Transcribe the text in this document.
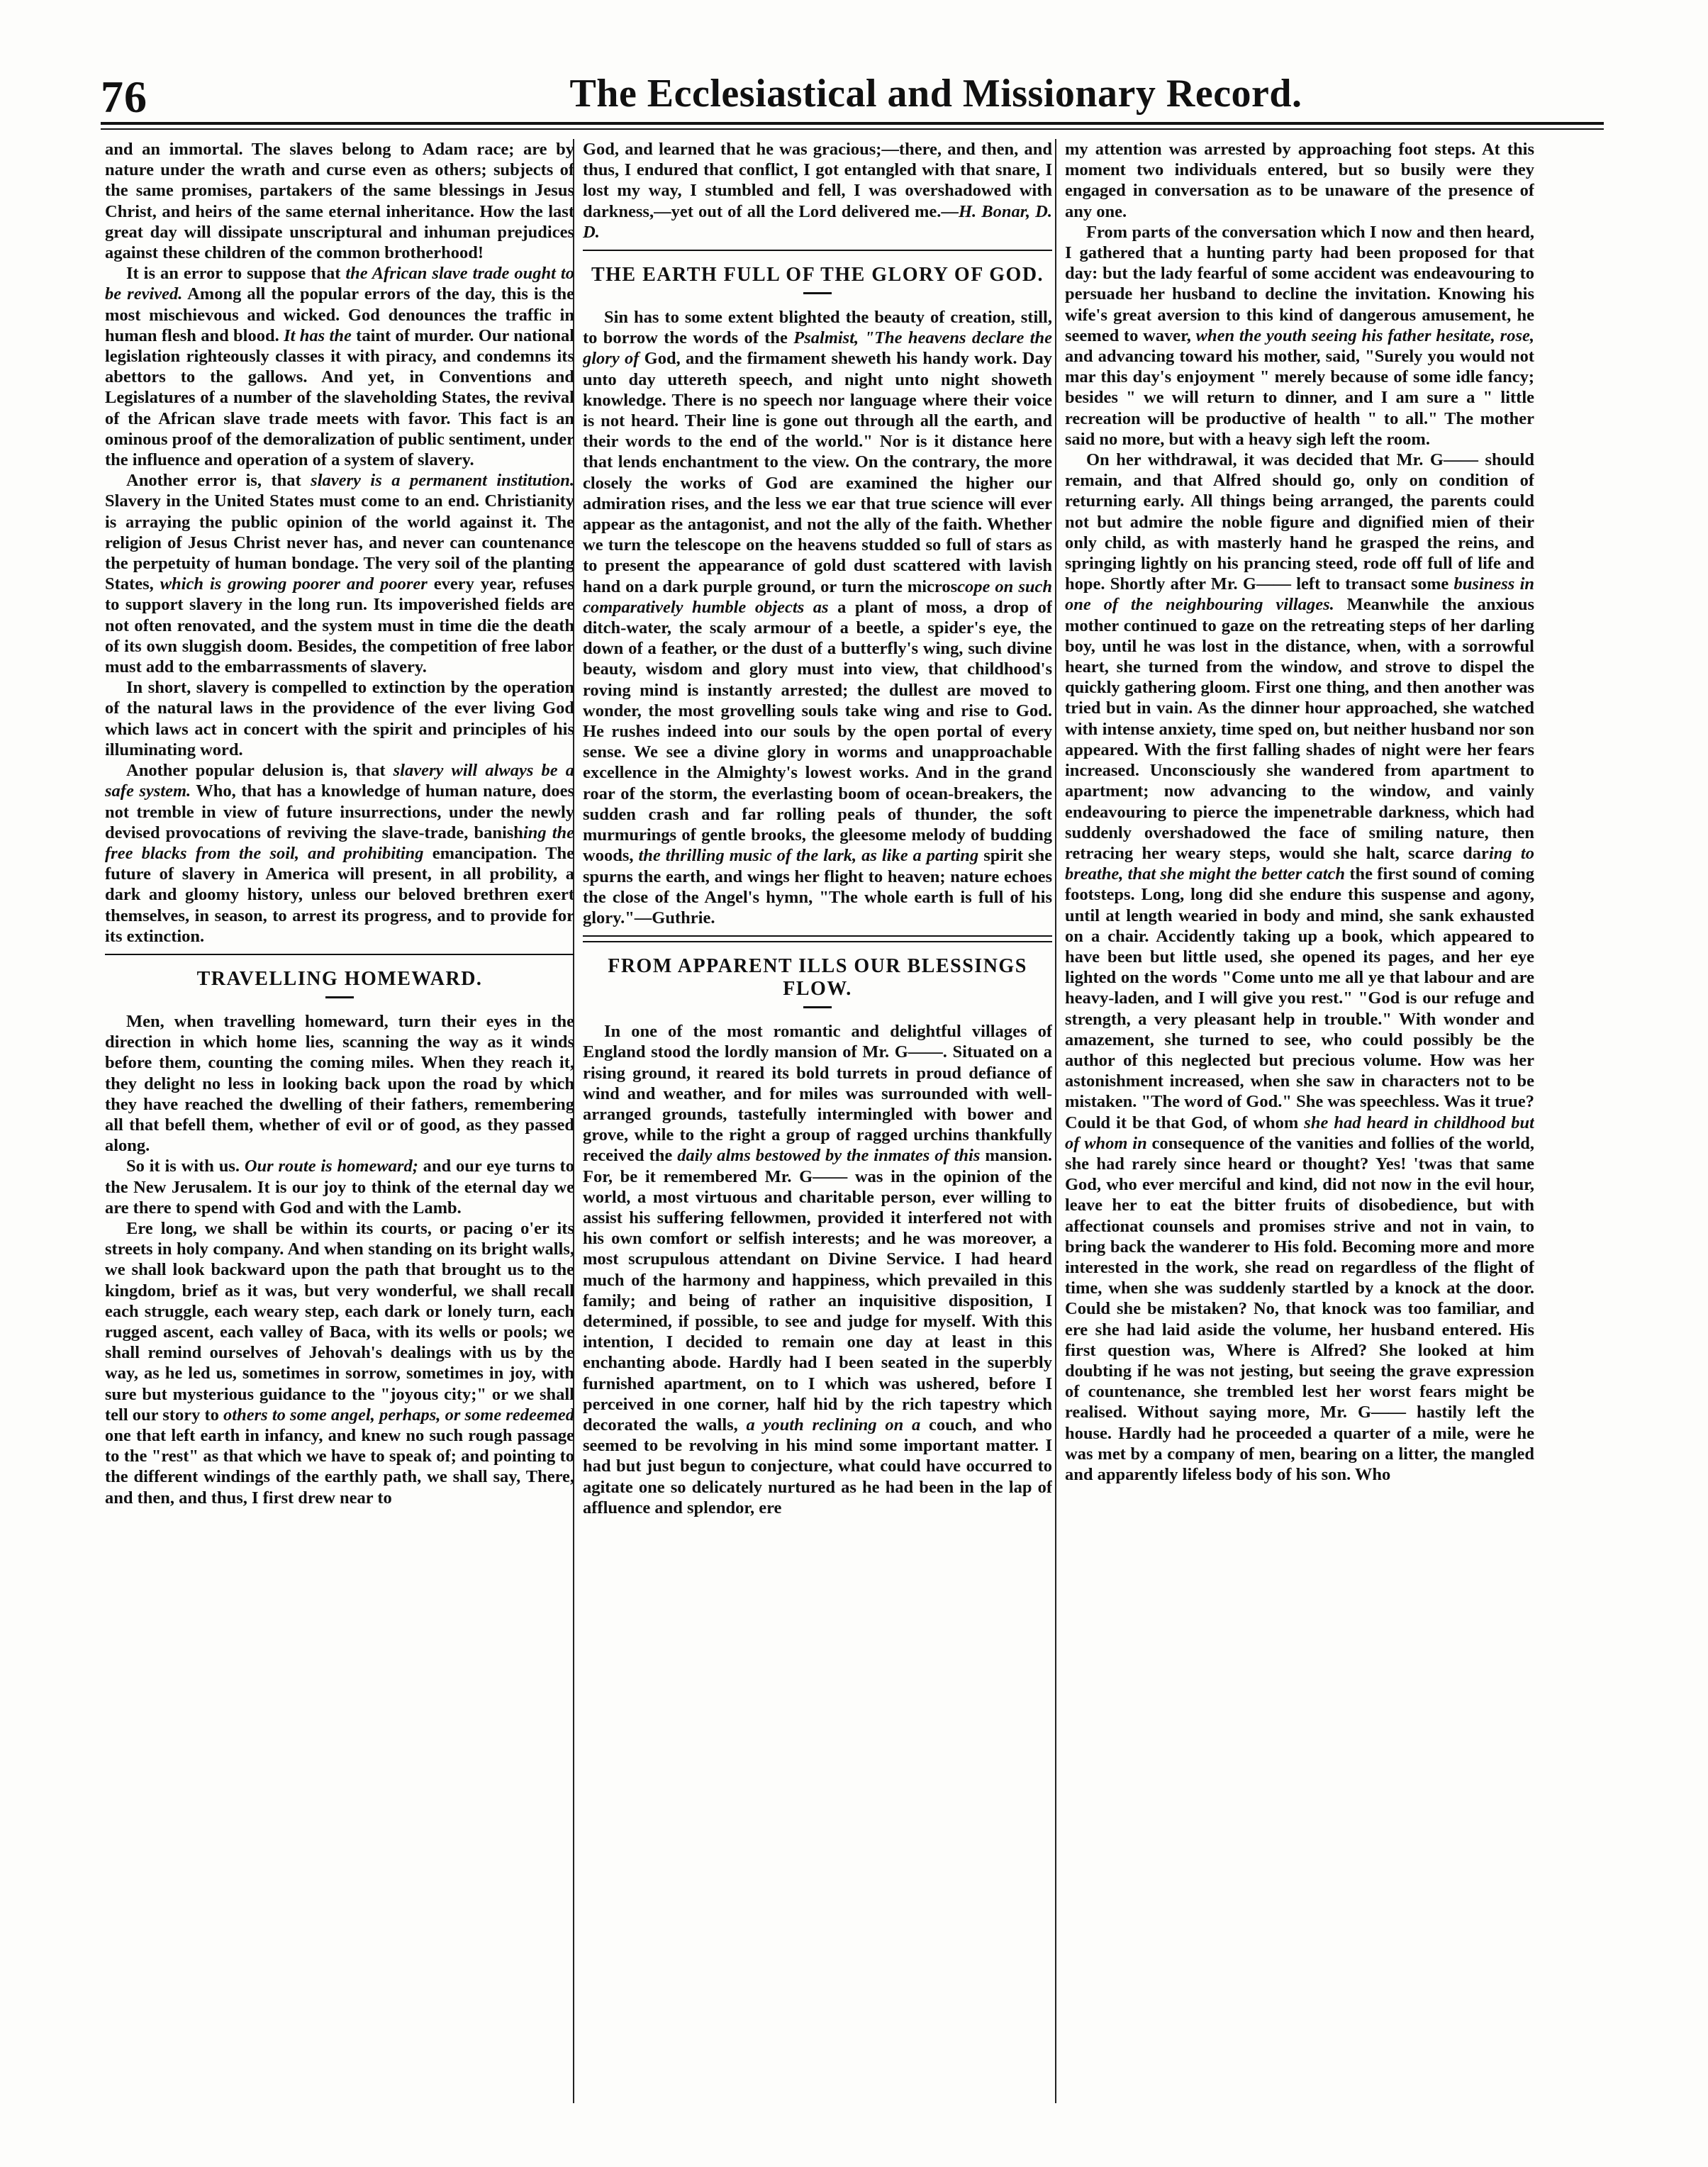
76	The Ecclesiastical and Missionary Record.

and an immortal. The slaves belong to Adam race; are by nature under the wrath and curse even as others; subjects of the same promises, partakers of the same blessings in Jesus Christ, and heirs of the same eternal inheritance. How the last great day will dissipate unscriptural and inhuman prejudices against these children of the common brotherhood!

It is an error to suppose that the African slave trade ought to be revived. Among all the popular errors of the day, this is the most mischievous and wicked. God denounces the traffic in human flesh and blood. It has the taint of murder. Our national legislation righteously classes it with piracy, and condemns its abettors to the gallows. And yet, in Conventions and Legislatures of a number of the slaveholding States, the revival of the African slave trade meets with favor. This fact is an ominous proof of the demoralization of public sentiment, under the influence and operation of a system of slavery.

Another error is, that slavery is a permanent institution. Slavery in the United States must come to an end. Christianity is arraying the public opinion of the world against it. The religion of Jesus Christ never has, and never can countenance the perpetuity of human bondage. The very soil of the planting States, which is growing poorer and poorer every year, refuses to support slavery in the long run. Its impoverished fields are not often renovated, and the system must in time die the death of its own sluggish doom. Besides, the competition of free labor must add to the embarrassments of slavery.

In short, slavery is compelled to extinction by the operation of the natural laws in the providence of the ever living God which laws act in concert with the spirit and principles of his illuminating word.

Another popular delusion is, that slavery will always be a safe system. Who, that has a knowledge of human nature, does not tremble in view of future insurrections, under the newly devised provocations of reviving the slave-trade, banishing the free blacks from the soil, and prohibiting emancipation. The future of slavery in America will present, in all probility, a dark and gloomy history, unless our beloved brethren exert themselves, in season, to arrest its progress, and to provide for its extinction.

TRAVELLING HOMEWARD.

Men, when travelling homeward, turn their eyes in the direction in which home lies, scanning the way as it winds before them, counting the coming miles. When they reach it, they delight no less in looking back upon the road by which they have reached the dwelling of their fathers, remembering all that befell them, whether of evil or of good, as they passed along.

So it is with us. Our route is homeward; and our eye turns to the New Jerusalem. It is our joy to think of the eternal day we are there to spend with God and with the Lamb.

Ere long, we shall be within its courts, or pacing o'er its streets in holy company. And when standing on its bright walls, we shall look backward upon the path that brought us to the kingdom, brief as it was, but very wonderful, we shall recall each struggle, each weary step, each dark or lonely turn, each rugged ascent, each valley of Baca, with its wells or pools; we shall remind ourselves of Jehovah's dealings with us by the way, as he led us, sometimes in sorrow, sometimes in joy, with sure but mysterious guidance to the "joyous city;" or we shall tell our story to others to some angel, perhaps, or some redeemed one that left earth in infancy, and knew no such rough passage to the "rest" as that which we have to speak of; and pointing to the different windings of the earthly path, we shall say, There, and then, and thus, I first drew near to

God, and learned that he was gracious;—there, and then, and thus, I endured that conflict, I got entangled with that snare, I lost my way, I stumbled and fell, I was overshadowed with darkness,—yet out of all the Lord delivered me.—H. Bonar, D. D.

THE EARTH FULL OF THE GLORY OF GOD.

Sin has to some extent blighted the beauty of creation, still, to borrow the words of the Psalmist, "The heavens declare the glory of God, and the firmament sheweth his handy work. Day unto day uttereth speech, and night unto night showeth knowledge. There is no speech nor language where their voice is not heard. Their line is gone out through all the earth, and their words to the end of the world." Nor is it distance here that lends enchantment to the view. On the contrary, the more closely the works of God are examined the higher our admiration rises, and the less we ear that true science will ever appear as the antagonist, and not the ally of the faith. Whether we turn the telescope on the heavens studded so full of stars as to present the appearance of gold dust scattered with lavish hand on a dark purple ground, or turn the microscope on such comparatively humble objects as a plant of moss, a drop of ditch-water, the scaly armour of a beetle, a spider's eye, the down of a feather, or the dust of a butterfly's wing, such divine beauty, wisdom and glory must into view, that childhood's roving mind is instantly arrested; the dullest are moved to wonder, the most grovelling souls take wing and rise to God. He rushes indeed into our souls by the open portal of every sense. We see a divine glory in worms and unapproachable excellence in the Almighty's lowest works. And in the grand roar of the storm, the everlasting boom of ocean-breakers, the sudden crash and far rolling peals of thunder, the soft murmurings of gentle brooks, the gleesome melody of budding woods, the thrilling music of the lark, as like a parting spirit she spurns the earth, and wings her flight to heaven; nature echoes the close of the Angel's hymn, "The whole earth is full of his glory."—Guthrie.

FROM APPARENT ILLS OUR BLESSINGS FLOW.

In one of the most romantic and delightful villages of England stood the lordly mansion of Mr. G——. Situated on a rising ground, it reared its bold turrets in proud defiance of wind and weather, and for miles was surrounded with well-arranged grounds, tastefully intermingled with bower and grove, while to the right a group of ragged urchins thankfully received the daily alms bestowed by the inmates of this mansion. For, be it remembered Mr. G—— was in the opinion of the world, a most virtuous and charitable person, ever willing to assist his suffering fellowmen, provided it interfered not with his own comfort or selfish interests; and he was moreover, a most scrupulous attendant on Divine Service. I had heard much of the harmony and happiness, which prevailed in this family; and being of rather an inquisitive disposition, I determined, if possible, to see and judge for myself. With this intention, I decided to remain one day at least in this enchanting abode. Hardly had I been seated in the superbly furnished apartment, on to I which was ushered, before I perceived in one corner, half hid by the rich tapestry which decorated the walls, a youth reclining on a couch, and who seemed to be revolving in his mind some important matter. I had but just begun to conjecture, what could have occurred to agitate one so delicately nurtured as he had been in the lap of affluence and splendor, ere

my attention was arrested by approaching foot steps. At this moment two individuals entered, but so busily were they engaged in conversation as to be unaware of the presence of any one.

From parts of the conversation which I now and then heard, I gathered that a hunting party had been proposed for that day: but the lady fearful of some accident was endeavouring to persuade her husband to decline the invitation. Knowing his wife's great aversion to this kind of dangerous amusement, he seemed to waver, when the youth seeing his father hesitate, rose, and advancing toward his mother, said, "Surely you would not mar this day's enjoyment " merely because of some idle fancy; besides " we will return to dinner, and I am sure a " little recreation will be productive of health " to all." The mother said no more, but with a heavy sigh left the room.

On her withdrawal, it was decided that Mr. G—— should remain, and that Alfred should go, only on condition of returning early. All things being arranged, the parents could not but admire the noble figure and dignified mien of their only child, as with masterly hand he grasped the reins, and springing lightly on his prancing steed, rode off full of life and hope. Shortly after Mr. G—— left to transact some business in one of the neighbouring villages. Meanwhile the anxious mother continued to gaze on the retreating steps of her darling boy, until he was lost in the distance, when, with a sorrowful heart, she turned from the window, and strove to dispel the quickly gathering gloom. First one thing, and then another was tried but in vain. As the dinner hour approached, she watched with intense anxiety, time sped on, but neither husband nor son appeared. With the first falling shades of night were her fears increased. Unconsciously she wandered from apartment to apartment; now advancing to the window, and vainly endeavouring to pierce the impenetrable darkness, which had suddenly overshadowed the face of smiling nature, then retracing her weary steps, would she halt, scarce daring to breathe, that she might the better catch the first sound of coming footsteps. Long, long did she endure this suspense and agony, until at length wearied in body and mind, she sank exhausted on a chair. Accidently taking up a book, which appeared to have been but little used, she opened its pages, and her eye lighted on the words "Come unto me all ye that labour and are heavy-laden, and I will give you rest." "God is our refuge and strength, a very pleasant help in trouble." With wonder and amazement, she turned to see, who could possibly be the author of this neglected but precious volume. How was her astonishment increased, when she saw in characters not to be mistaken. "The word of God." She was speechless. Was it true? Could it be that God, of whom she had heard in childhood but of whom in consequence of the vanities and follies of the world, she had rarely since heard or thought? Yes! 'twas that same God, who ever merciful and kind, did not now in the evil hour, leave her to eat the bitter fruits of disobedience, but with affectionat counsels and promises strive and not in vain, to bring back the wanderer to His fold. Becoming more and more interested in the work, she read on regardless of the flight of time, when she was suddenly startled by a knock at the door. Could she be mistaken? No, that knock was too familiar, and ere she had laid aside the volume, her husband entered. His first question was, Where is Alfred? She looked at him doubting if he was not jesting, but seeing the grave expression of countenance, she trembled lest her worst fears might be realised. Without saying more, Mr. G—— hastily left the house. Hardly had he proceeded a quarter of a mile, were he was met by a company of men, bearing on a litter, the mangled and apparently lifeless body of his son. Who
